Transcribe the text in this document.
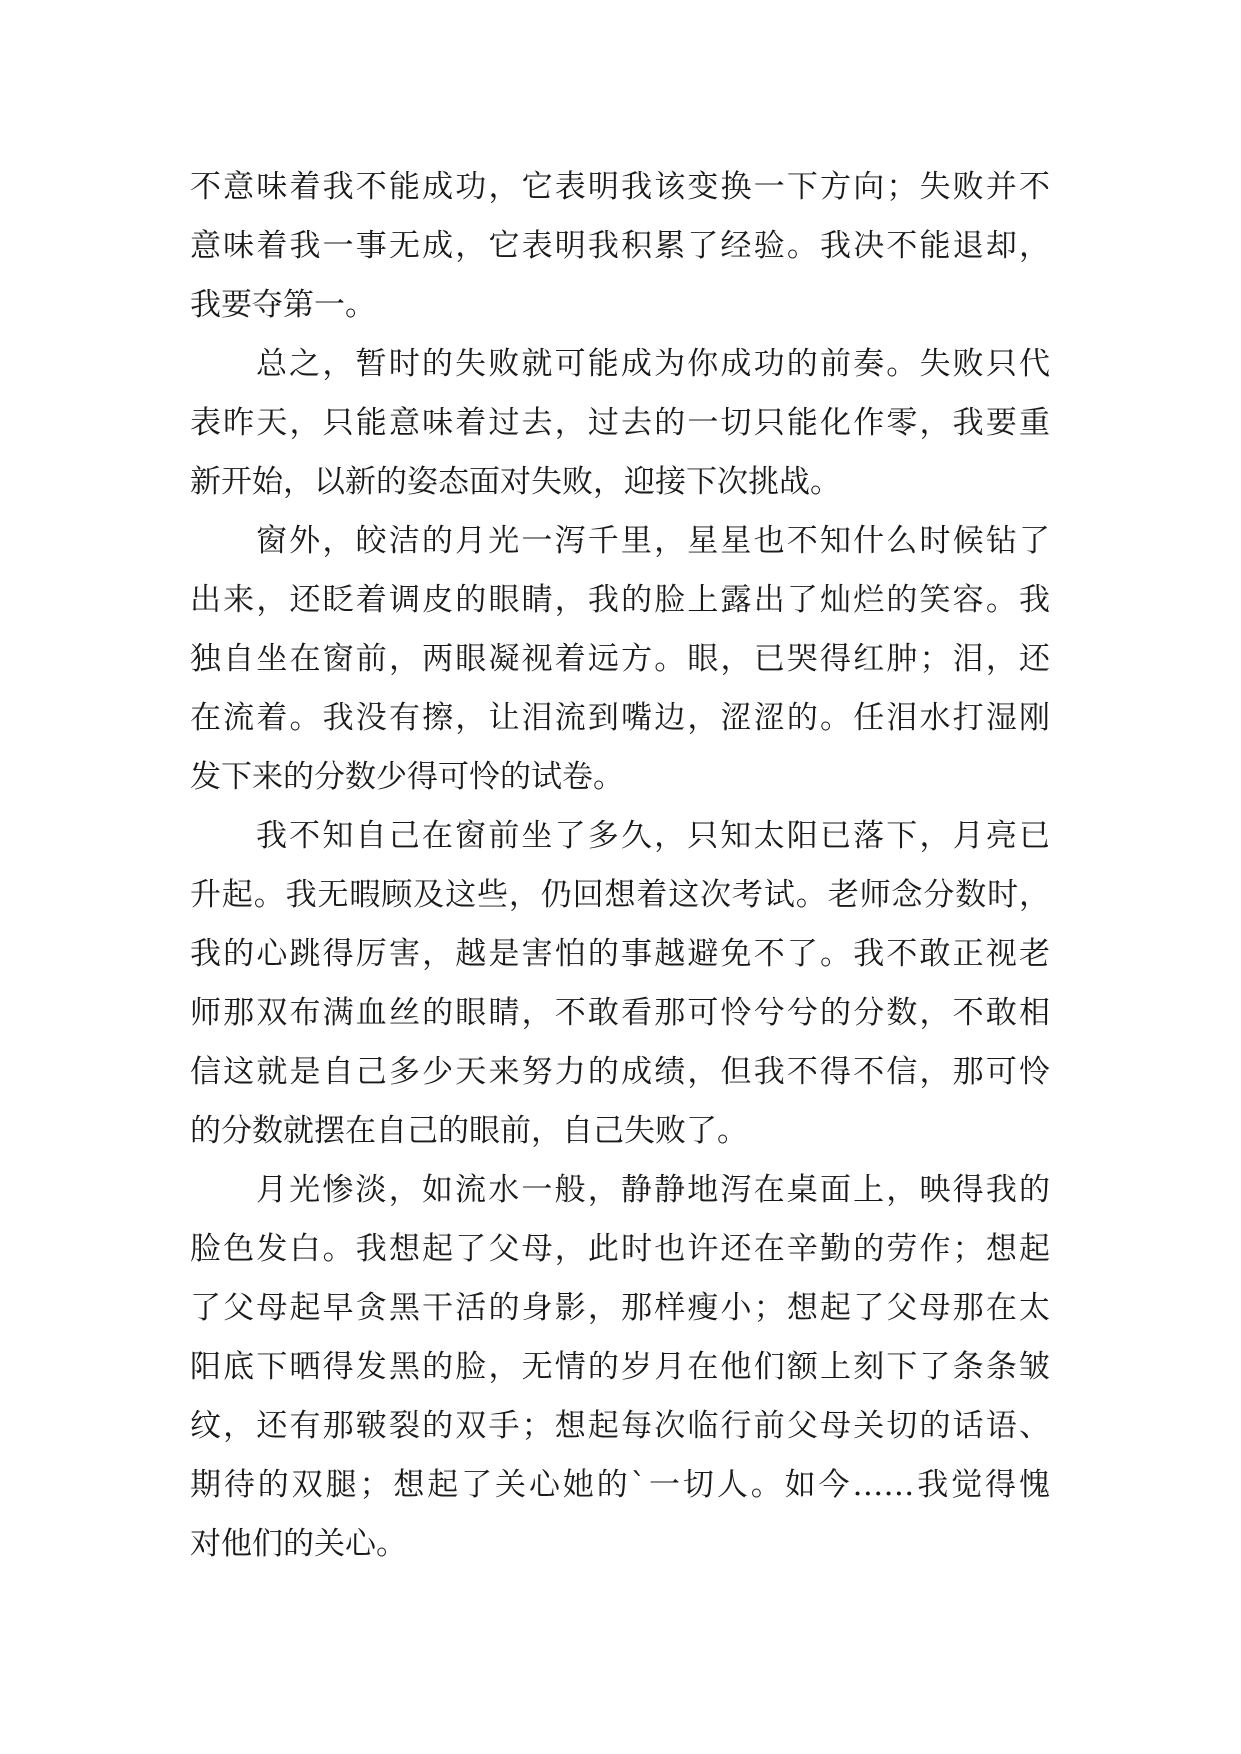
不意味着我不能成功，它表明我该变换一下方向；失败并不
意味着我一事无成，它表明我积累了经验。我决不能退却，
我要夺第一。
总之，暂时的失败就可能成为你成功的前奏。失败只代
表昨天，只能意味着过去，过去的一切只能化作零，我要重
新开始，以新的姿态面对失败，迎接下次挑战。
窗外，皎洁的月光一泻千里，星星也不知什么时候钻了
出来，还眨着调皮的眼睛，我的脸上露出了灿烂的笑容。我
独自坐在窗前，两眼凝视着远方。眼，已哭得红肿；泪，还
在流着。我没有擦，让泪流到嘴边，涩涩的。任泪水打湿刚
发下来的分数少得可怜的试卷。
我不知自己在窗前坐了多久，只知太阳已落下，月亮已
升起。我无暇顾及这些，仍回想着这次考试。老师念分数时，
我的心跳得厉害，越是害怕的事越避免不了。我不敢正视老
师那双布满血丝的眼睛，不敢看那可怜兮兮的分数，不敢相
信这就是自己多少天来努力的成绩，但我不得不信，那可怜
的分数就摆在自己的眼前，自己失败了。
月光惨淡，如流水一般，静静地泻在桌面上，映得我的
脸色发白。我想起了父母，此时也许还在辛勤的劳作；想起
了父母起早贪黑干活的身影，那样瘦小；想起了父母那在太
阳底下晒得发黑的脸，无情的岁月在他们额上刻下了条条皱
纹，还有那皲裂的双手；想起每次临行前父母关切的话语、
期待的双腿；想起了关心她的`一切人。如今……我觉得愧
对他们的关心。
